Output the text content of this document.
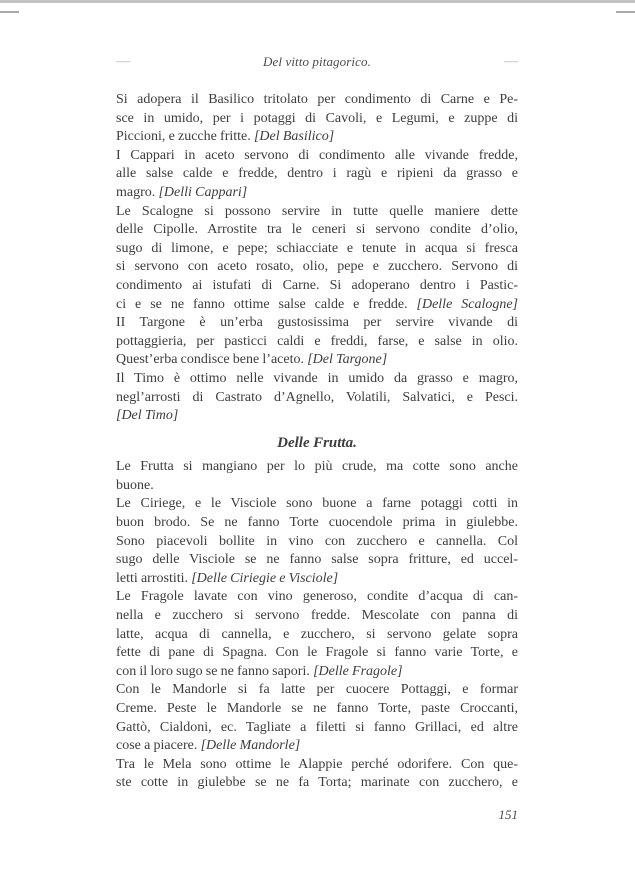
—	Del vitto pitagorico.	—
Si adopera il Basilico tritolato per condimento di Carne e Pe-
sce in umido, per i potaggi di Cavoli, e Legumi, e zuppe di
Piccioni, e zucche fritte. [Del Basilico]
I Cappari in aceto servono di condimento alle vivande fredde,
alle salse calde e fredde, dentro i ragù e ripieni da grasso e
magro. [Delli Cappari]
Le Scalogne si possono servire in tutte quelle maniere dette
delle Cipolle. Arrostite tra le ceneri si servono condite d’olio,
sugo di limone, e pepe; schiacciate e tenute in acqua si fresca
si servono con aceto rosato, olio, pepe e zucchero. Servono di
condimento ai istufati di Carne. Si adoperano dentro i Pastic-
ci e se ne fanno ottime salse calde e fredde. [Delle Scalogne]
II Targone è un’erba gustosissima per servire vivande di
pottaggieria, per pasticci caldi e freddi, farse, e salse in olio.
Quest’erba condisce bene l’aceto. [Del Targone]
Il Timo è ottimo nelle vivande in umido da grasso e magro,
negl’arrosti di Castrato d’Agnello, Volatili, Salvatici, e Pesci.
[Del Timo]
Delle Frutta.
Le Frutta si mangiano per lo più crude, ma cotte sono anche
buone.
Le Ciriege, e le Visciole sono buone a farne potaggi cotti in
buon brodo. Se ne fanno Torte cuocendole prima in giulebbe.
Sono piacevoli bollite in vino con zucchero e cannella. Col
sugo delle Visciole se ne fanno salse sopra fritture, ed uccel-
letti arrostiti. [Delle Ciriegie e Visciole]
Le Fragole lavate con vino generoso, condite d’acqua di can-
nella e zucchero si servono fredde. Mescolate con panna di
latte, acqua di cannella, e zucchero, si servono gelate sopra
fette di pane di Spagna. Con le Fragole si fanno varie Torte, e
con il loro sugo se ne fanno sapori. [Delle Fragole]
Con le Mandorle si fa latte per cuocere Pottaggi, e formar
Creme. Peste le Mandorle se ne fanno Torte, paste Croccanti,
Gattò, Cialdoni, ec. Tagliate a filetti si fanno Grillaci, ed altre
cose a piacere. [Delle Mandorle]
Tra le Mela sono ottime le Alappie perché odorifere. Con que-
ste cotte in giulebbe se ne fa Torta; marinate con zucchero, e
151
